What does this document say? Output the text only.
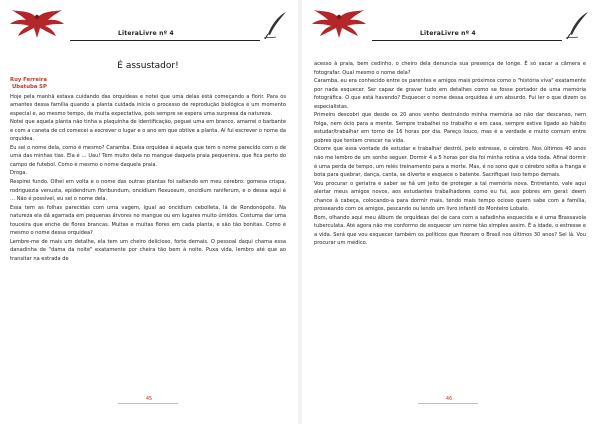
LiteraLivre nº 4
É assustador!
Ruy Ferreira
Ubatuba SP

Hoje pela manhã estava cuidando das orquídeas e notei que uma delas está começando a florir. Para os amantes dessa família quando a planta cuidada inicia o processo de reprodução biológica é um momento especial e, ao mesmo tempo, de muita expectativa, pois sempre se espera uma surpresa da natureza.

Notei que aquela planta não tinha a plaquinha de identificação, peguei uma em branco, amarrei o barbante e com a caneta de cd comecei a escrever o lugar e o ano em que obtive a planta. Aí fui escrever o nome da orquídea.

Eu sei o nome dela, como é mesmo? Caramba. Essa orquídea é aquela que tem o nome parecido com o de uma das minhas tias. Ela é … Uau! Tem muito dela no mangue daquela praia pequenina, que fica perto do campo de futebol. Como é mesmo o nome daquela praia.

Droga.

Respirei fundo. Olhei em volta e o nome das outras plantas foi saltando em meu cérebro: gomesa crispa, rodriguezia venusta, epidendrum floribundum, oncidium flexuosum, oncidium raniferum, e o dessa aqui é … Não é possível, eu sei o nome dela.

Essa tem as folhas parecidas com uma vagem, igual ao oncidium cebolleta, lá de Rondonópolis. Na natureza ela dá agarrada em pequenas árvores no mangue ou em lugares muito úmidos. Costuma dar uma touceira que enche de flores brancas. Muitas e muitas flores em cada planta, e são tão bonitas. Como é mesmo o nome dessa orquídea?

Lembre-me de mais um detalhe, ela tem um cheiro delicioso, forte demais. O pessoal daqui chama essa danadinha de "dama da noite" exatamente por cheira tão bem à noite. Puxa vida, lembro até que ao transitar na estrada de

45
LiteraLivre nº 4

acesso à praia, bem cedinho, o cheiro dela denuncia sua presença de longe. É só sacar a câmera e fotografar. Qual mesmo o nome dela?

Caramba, eu era conhecido entre os parentes e amigos mais próximos como o "história viva" exatamente por nada esquecer. Ser capaz de gravar tudo em detalhes como se fosse portador de uma memória fotográfica. O que está havendo? Esquecer o nome dessa orquídea é um absurdo. Fui ler o que dizem os especialistas.

Primeiro descobri que desde os 20 anos venho destruindo minha memória ao não dar descanso, nem folga, nem ócio para a mente. Sempre trabalhei no trabalho e em casa, sempre estive ligado ao hábito estudar/trabalhar em torno de 16 horas por dia. Pareço louco, mas é a verdade e muito comum entre pobres que tentam crescer na vida.

Ocorre que essa vontade de estudar e trabalhar destrói, pelo estresse, o cérebro. Nos últimos 40 anos não me lembro de um sonho seguer. Dormir 4 a 5 horas por dia foi minha rotina a vida toda. Afinal dormir é uma perda de tempo, um relés treinamento para a morte. Mas, é no sono que o cérebro solta a franga e bota para quebrar, dança, canta, se diverte e esquece o batente. Sacrifiquei isso tempo demais.

Vou procurar o geriatra e saber se há um jeito de proteger a tal memória nova. Entretanto, vale aqui alertar meus amigos novos, aos estudantes trabalhadores como eu fui, aos pobres em geral: deem chance à cabeça, colocando-a para dormir mais, tendo mais tempo ocioso quem sabe com a família, prosseando com os amigos, pescando ou lendo um livro infantil do Monteiro Lobato.

Bom, olhando aqui meu álbum de orquídeas dei de cara com a safadinha esquecida e é uma Brassavola tuberculata. Até agora não me conformo de esquecer um nome tão simples assim. É a idade, o estresse e a vida. Será que vou esquecer também os políticos que fizeram o Brasil nos últimos 30 anos? Sei lá. Vou procurar um médico.

46
